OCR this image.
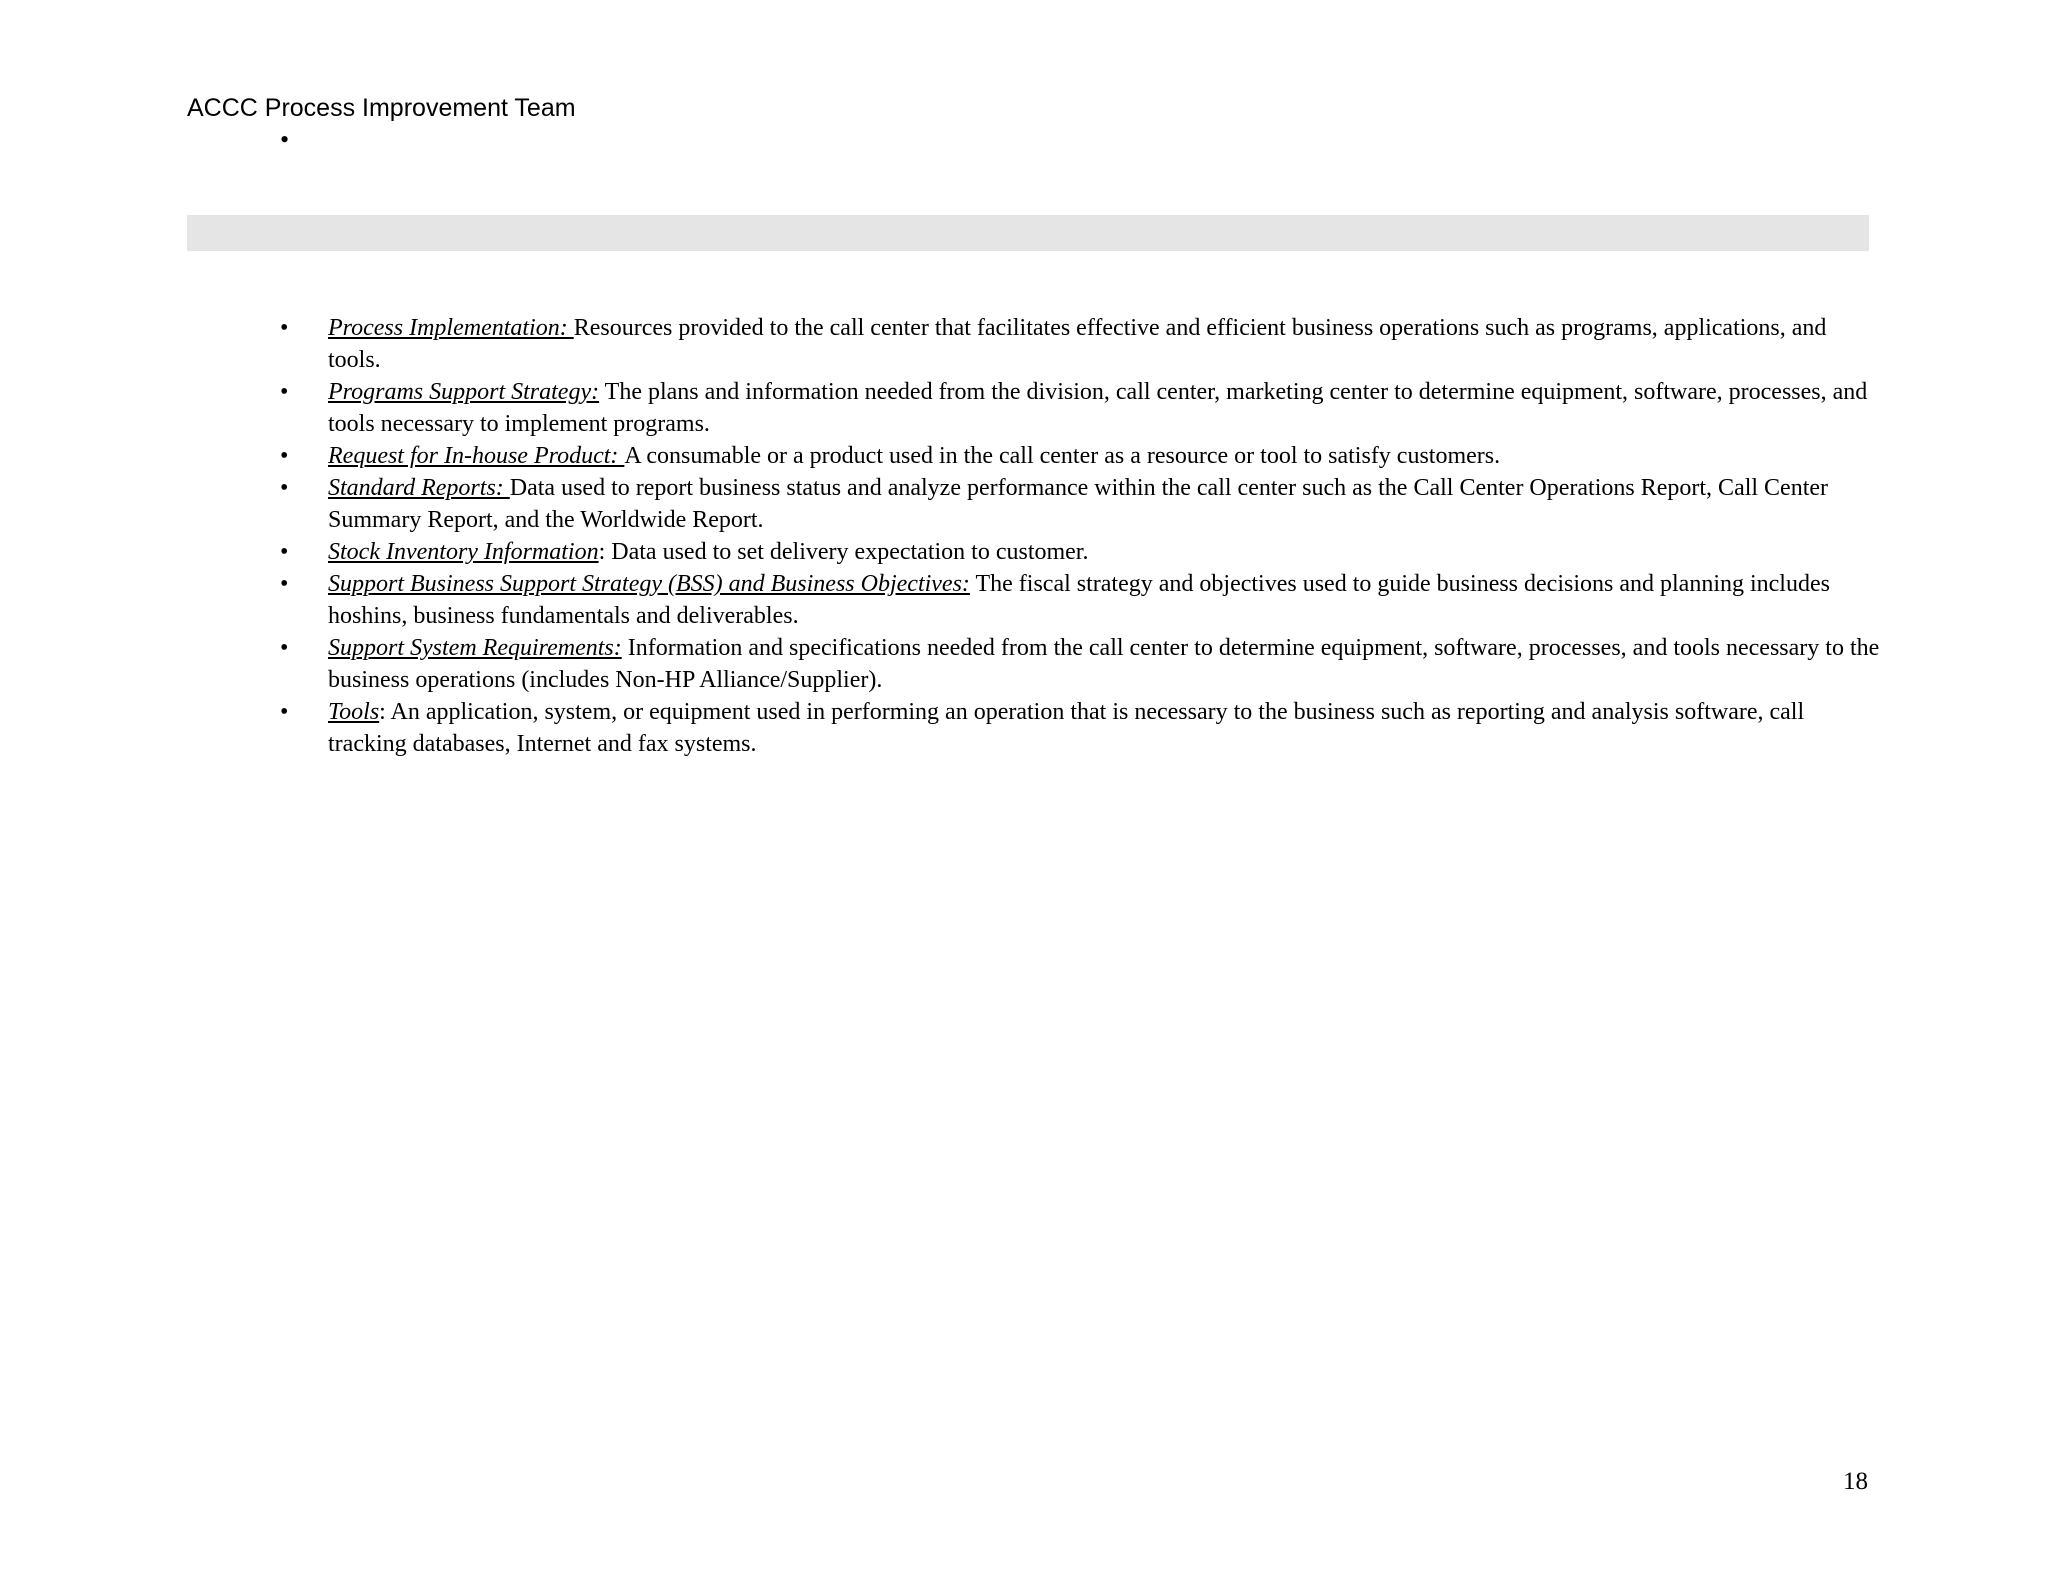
ACCC Process Improvement Team
•
•	Process Implementation: Resources provided to the call center that facilitates effective and efficient business operations such as programs, applications, and tools.
•	Programs Support Strategy: The plans and information needed from the division, call center, marketing center to determine equipment, software, processes, and tools necessary to implement programs.
•	Request for In-house Product: A consumable or a product used in the call center as a resource or tool to satisfy customers.
•	Standard Reports: Data used to report business status and analyze performance within the call center such as the Call Center Operations Report, Call Center Summary Report, and the Worldwide Report.
•	Stock Inventory Information: Data used to set delivery expectation to customer.
•	Support Business Support Strategy (BSS) and Business Objectives: The fiscal strategy and objectives used to guide business decisions and planning includes hoshins, business fundamentals and deliverables.
•	Support System Requirements: Information and specifications needed from the call center to determine equipment, software, processes, and tools necessary to the business operations (includes Non-HP Alliance/Supplier).
•	Tools: An application, system, or equipment used in performing an operation that is necessary to the business such as reporting and analysis software, call tracking databases, Internet and fax systems.
18
